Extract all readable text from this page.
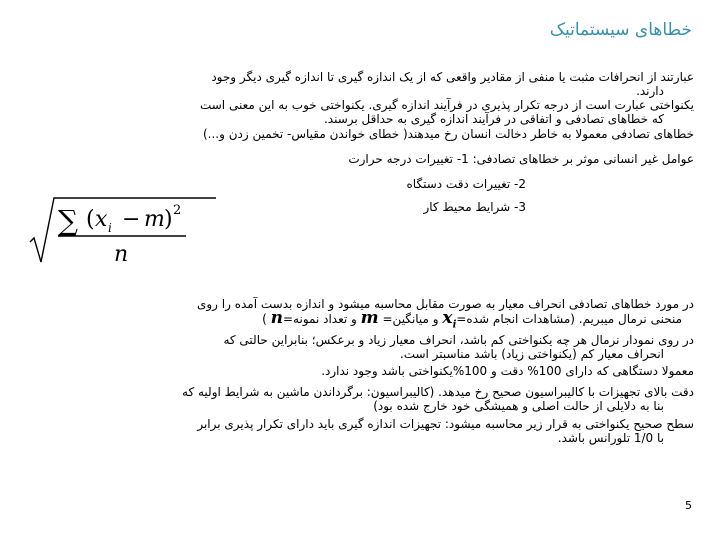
خطاهای سیستماتیک
عبارتند از انحرافات مثبت یا منفی از مقادیر واقعی که از یک اندازه گیری تا اندازه گیری دیگر وجود
دارند.
یکنواختی عبارت است از درجه تکرار پذیری در فرآیند اندازه گیری. یکنواختی خوب به این معنی است
که خطاهای تصادفی و اتفاقی در فرآیند اندازه گیری به حداقل برسند.
خطاهای تصادفی معمولا به خاطر دخالت انسان رخ میدهند( خطای خواندن مقیاس- تخمین زدن و...)
عوامل غیر انسانی موثر بر خطاهای تصادفی: 1- تغییرات درجه حرارت
2- تغییرات دقت دستگاه
3- شرایط محیط کار
∑ ( x i − m ) 2
n
در مورد خطاهای تصادفی انحراف معیار به صورت مقابل محاسبه میشود و اندازه بدست آمده را روی
منحنی نرمال میبریم. (مشاهدات انجام $شده=x_i$ و میانگین= m و تعداد نمونه=n )
در روی نمودار نرمال هر چه یکنواختی کم باشد، انحراف معیار زیاد و برعکس؛ بنابراین حالتی که
انحراف معیار کم (یکنواختی زیاد) باشد مناسبتر است.
معمولا دستگاهی که دارای 100% دقت و 100%یکنواختی باشد وجود ندارد.
دقت بالای تجهیزات با کالیبراسیون صحیح رخ میدهد. (کالیبراسیون: برگرداندن ماشین به شرایط اولیه که
بنا به دلایلی از حالت اصلی و همیشگی خود خارج شده بود)
سطح صحیح یکنواختی به قرار زیر محاسبه میشود: تجهیزات اندازه گیری باید دارای تکرار پذیری برابر
با 1/0 تلورانس باشد.
5
